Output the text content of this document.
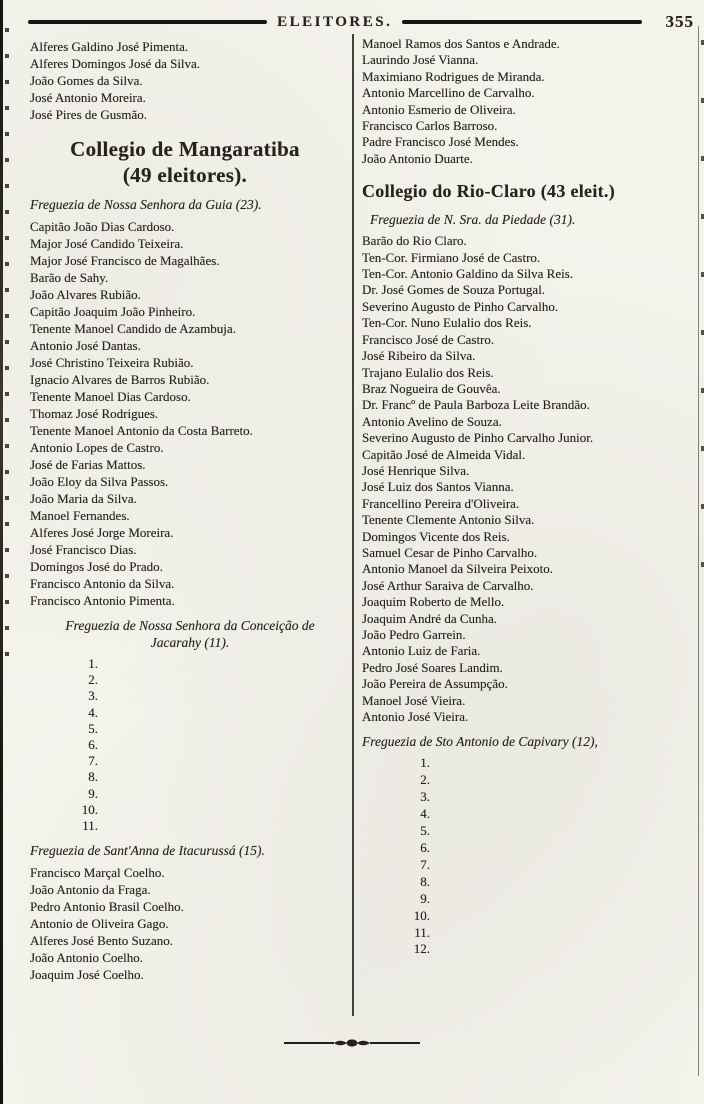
ELEITORES.	355
Alferes Galdino José Pimenta.
Alferes Domingos José da Silva.
João Gomes da Silva.
José Antonio Moreira.
José Pires de Gusmão.
Collegio de Mangaratiba
(49 eleitores).
Freguezia de Nossa Senhora da Guia (23).
Capitão João Dias Cardoso.
Major José Candido Teixeira.
Major José Francisco de Magalhães.
Barão de Sahy.
João Alvares Rubião.
Capitão Joaquim João Pinheiro.
Tenente Manoel Candido de Azambuja.
Antonio José Dantas.
José Christino Teixeira Rubião.
Ignacio Alvares de Barros Rubião.
Tenente Manoel Dias Cardoso.
Thomaz José Rodrigues.
Tenente Manoel Antonio da Costa Barreto.
Antonio Lopes de Castro.
José de Farias Mattos.
João Eloy da Silva Passos.
João Maria da Silva.
Manoel Fernandes.
Alferes José Jorge Moreira.
José Francisco Dias.
Domingos José do Prado.
Francisco Antonio da Silva.
Francisco Antonio Pimenta.
Freguezia de Nossa Senhora da Conceição de Jacarahy (11).
1.
2.
3.
4.
5.
6.
7.
8.
9.
10.
11.
Freguezia de Sant'Anna de Itacurussá (15).
Francisco Marçal Coelho.
João Antonio da Fraga.
Pedro Antonio Brasil Coelho.
Antonio de Oliveira Gago.
Alferes José Bento Suzano.
João Antonio Coelho.
Joaquim José Coelho.
Manoel Ramos dos Santos e Andrade.
Laurindo José Vianna.
Maximiano Rodrigues de Miranda.
Antonio Marcellino de Carvalho.
Antonio Esmerio de Oliveira.
Francisco Carlos Barroso.
Padre Francisco José Mendes.
João Antonio Duarte.
Collegio do Rio-Claro (43 eleit.)
Freguezia de N. Sra. da Piedade (31).
Barão do Rio Claro.
Ten-Cor. Firmiano José de Castro.
Ten-Cor. Antonio Galdino da Silva Reis.
Dr. José Gomes de Souza Portugal.
Severino Augusto de Pinho Carvalho.
Ten-Cor. Nuno Eulalio dos Reis.
Francisco José de Castro.
José Ribeiro da Silva.
Trajano Eulalio dos Reis.
Braz Nogueira de Gouvêa.
Dr. Francº de Paula Barboza Leite Brandão.
Antonio Avelino de Souza.
Severino Augusto de Pinho Carvalho Junior.
Capitão José de Almeida Vidal.
José Henrique Silva.
José Luiz dos Santos Vianna.
Francellino Pereira d'Oliveira.
Tenente Clemente Antonio Silva.
Domingos Vicente dos Reis.
Samuel Cesar de Pinho Carvalho.
Antonio Manoel da Silveira Peixoto.
José Arthur Saraiva de Carvalho.
Joaquim Roberto de Mello.
Joaquim André da Cunha.
João Pedro Garrein.
Antonio Luiz de Faria.
Pedro José Soares Landim.
João Pereira de Assumpção.
Manoel José Vieira.
Antonio José Vieira.
Freguezia de Sto Antonio de Capivary (12),
1.
2.
3.
4.
5.
6.
7.
8.
9.
10.
11.
12.
